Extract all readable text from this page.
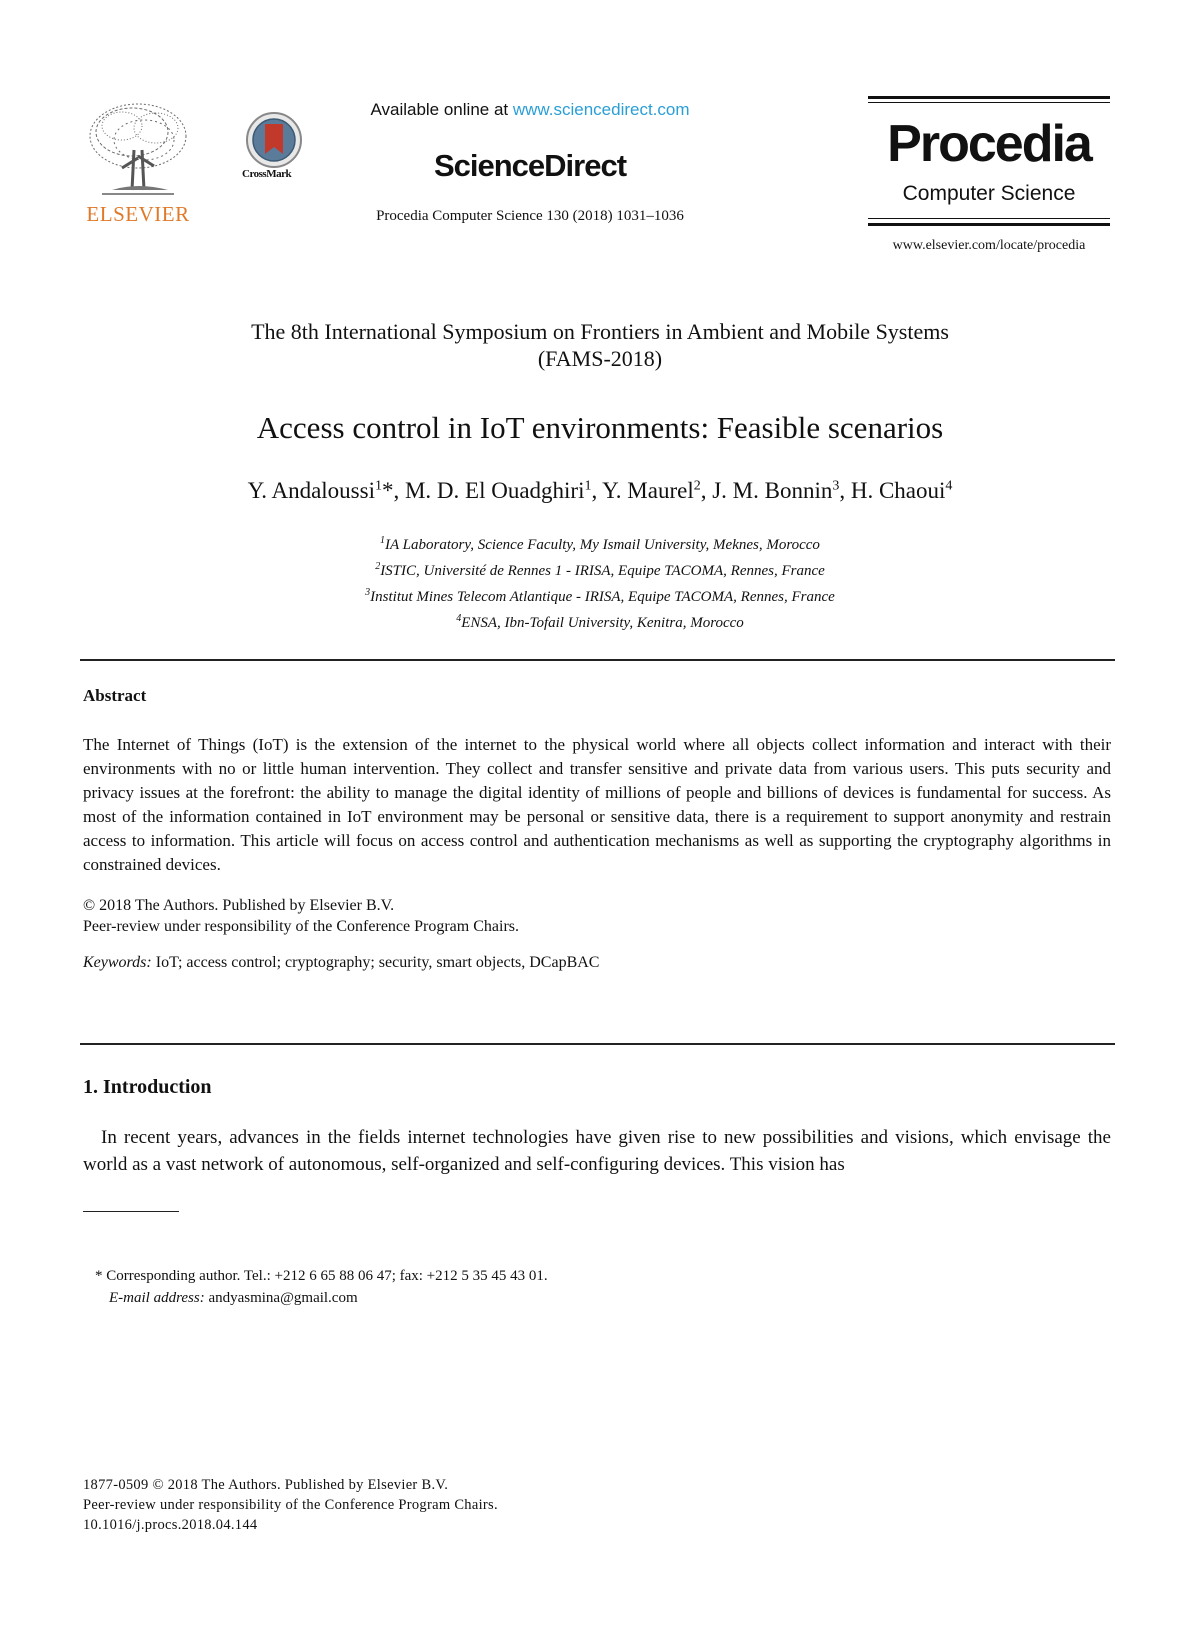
ELSEVIER
CrossMark
Available online at www.sciencedirect.com
ScienceDirect
Procedia Computer Science 130 (2018) 1031–1036
Procedia
Computer Science
www.elsevier.com/locate/procedia
The 8th International Symposium on Frontiers in Ambient and Mobile Systems
(FAMS-2018)
Access control in IoT environments: Feasible scenarios
Y. Andaloussi$^1$*, M. D. El Ouadghiri$^1$, Y. Maurel$^2$, J. M. Bonnin$^3$, H. Chaoui$^4$
$^1$IA Laboratory, Science Faculty, My Ismail University, Meknes, Morocco
$^2$ISTIC, Université de Rennes 1 - IRISA, Equipe TACOMA, Rennes, France
$^3$Institut Mines Telecom Atlantique - IRISA, Equipe TACOMA, Rennes, France
$^4$ENSA, Ibn-Tofail University, Kenitra, Morocco
Abstract
The Internet of Things (IoT) is the extension of the internet to the physical world where all objects collect information and interact with their environments with no or little human intervention. They collect and transfer sensitive and private data from various users. This puts security and privacy issues at the forefront: the ability to manage the digital identity of millions of people and billions of devices is fundamental for success. As most of the information contained in IoT environment may be personal or sensitive data, there is a requirement to support anonymity and restrain access to information. This article will focus on access control and authentication mechanisms as well as supporting the cryptography algorithms in constrained devices.
© 2018 The Authors. Published by Elsevier B.V.
Peer-review under responsibility of the Conference Program Chairs.
Keywords: IoT; access control; cryptography; security, smart objects, DCapBAC
1. Introduction
In recent years, advances in the fields internet technologies have given rise to new possibilities and visions, which envisage the world as a vast network of autonomous, self-organized and self-configuring devices. This vision has
* Corresponding author. Tel.: +212 6 65 88 06 47; fax: +212 5 35 45 43 01.
E-mail address: andyasmina@gmail.com
1877-0509 © 2018 The Authors. Published by Elsevier B.V.
Peer-review under responsibility of the Conference Program Chairs.
10.1016/j.procs.2018.04.144
